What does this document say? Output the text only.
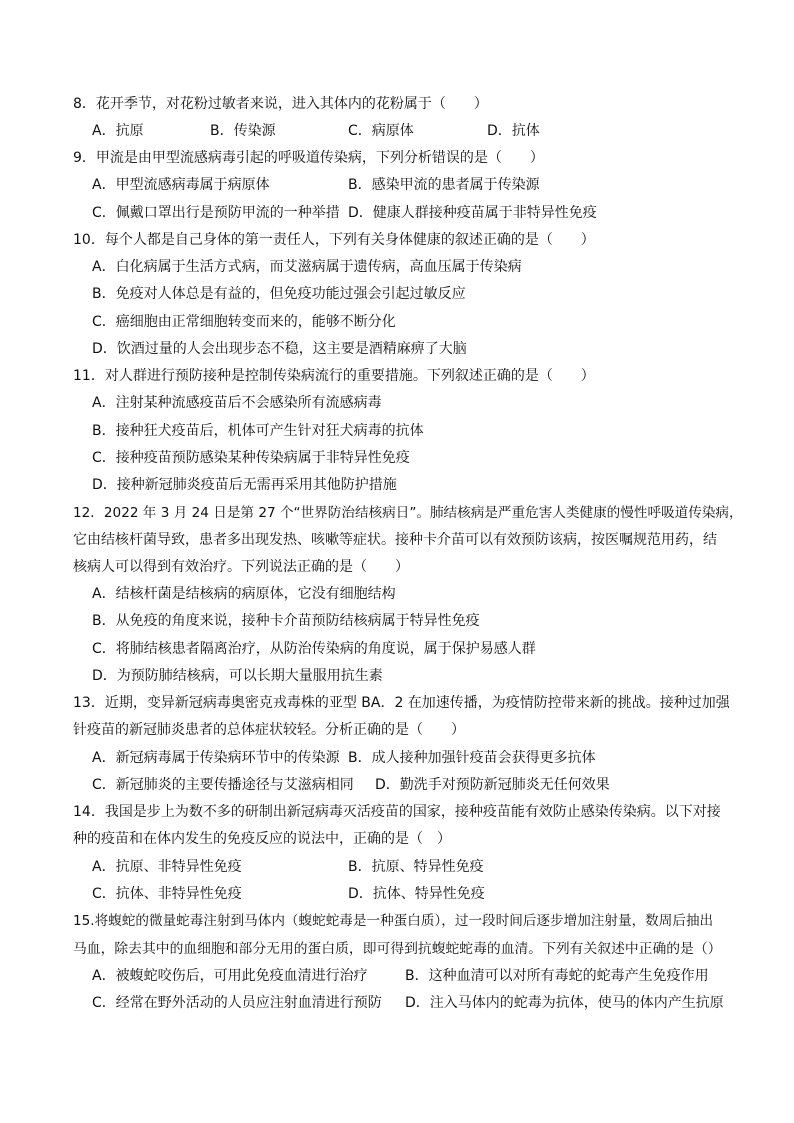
8．花开季节，对花粉过敏者来说，进入其体内的花粉属于（　　）
A．抗原	B．传染源	C．病原体	D．抗体
9．甲流是由甲型流感病毒引起的呼吸道传染病，下列分析错误的是（　　）
A．甲型流感病毒属于病原体	B．感染甲流的患者属于传染源
C．佩戴口罩出行是预防甲流的一种举措 D．健康人群接种疫苗属于非特异性免疫
10．每个人都是自己身体的第一责任人，下列有关身体健康的叙述正确的是（　　）
A．白化病属于生活方式病，而艾滋病属于遗传病，高血压属于传染病
B．免疫对人体总是有益的，但免疫功能过强会引起过敏反应
C．癌细胞由正常细胞转变而来的，能够不断分化
D．饮酒过量的人会出现步态不稳，这主要是酒精麻痹了大脑
11．对人群进行预防接种是控制传染病流行的重要措施。下列叙述正确的是（　　）
A．注射某种流感疫苗后不会感染所有流感病毒
B．接种狂犬疫苗后，机体可产生针对狂犬病毒的抗体
C．接种疫苗预防感染某种传染病属于非特异性免疫
D．接种新冠肺炎疫苗后无需再采用其他防护措施
12．2022 年 3 月 24 日是第 27 个“世界防治结核病日”。肺结核病是严重危害人类健康的慢性呼吸道传染病，
它由结核杆菌导致，患者多出现发热、咳嗽等症状。接种卡介苗可以有效预防该病，按医嘱规范用药，结
核病人可以得到有效治疗。下列说法正确的是（　　）
A．结核杆菌是结核病的病原体，它没有细胞结构
B．从免疫的角度来说，接种卡介苗预防结核病属于特异性免疫
C．将肺结核患者隔离治疗，从防治传染病的角度说，属于保护易感人群
D．为预防肺结核病，可以长期大量服用抗生素
13．近期，变异新冠病毒奥密克戎毒株的亚型 BA．2 在加速传播，为疫情防控带来新的挑战。接种过加强
针疫苗的新冠肺炎患者的总体症状较轻。分析正确的是（　　）
A．新冠病毒属于传染病环节中的传染源 B．成人接种加强针疫苗会获得更多抗体
C．新冠肺炎的主要传播途径与艾滋病相同 D．勤洗手对预防新冠肺炎无任何效果
14．我国是步上为数不多的研制出新冠病毒灭活疫苗的国家，接种疫苗能有效防止感染传染病。以下对接
种的疫苗和在体内发生的免疫反应的说法中，正确的是（　）
A．抗原、非特异性免疫	B．抗原、特异性免疫
C．抗体、非特异性免疫	D．抗体、特异性免疫
15.将蝮蛇的微量蛇毒注射到马体内（蝮蛇蛇毒是一种蛋白质），过一段时间后逐步增加注射量，数周后抽出
马血，除去其中的血细胞和部分无用的蛋白质，即可得到抗蝮蛇蛇毒的血清。下列有关叙述中正确的是（）
A．被蝮蛇咬伤后，可用此免疫血清进行治疗	B．这种血清可以对所有毒蛇的蛇毒产生免疫作用
C．经常在野外活动的人员应注射血清进行预防 D．注入马体内的蛇毒为抗体，使马的体内产生抗原
